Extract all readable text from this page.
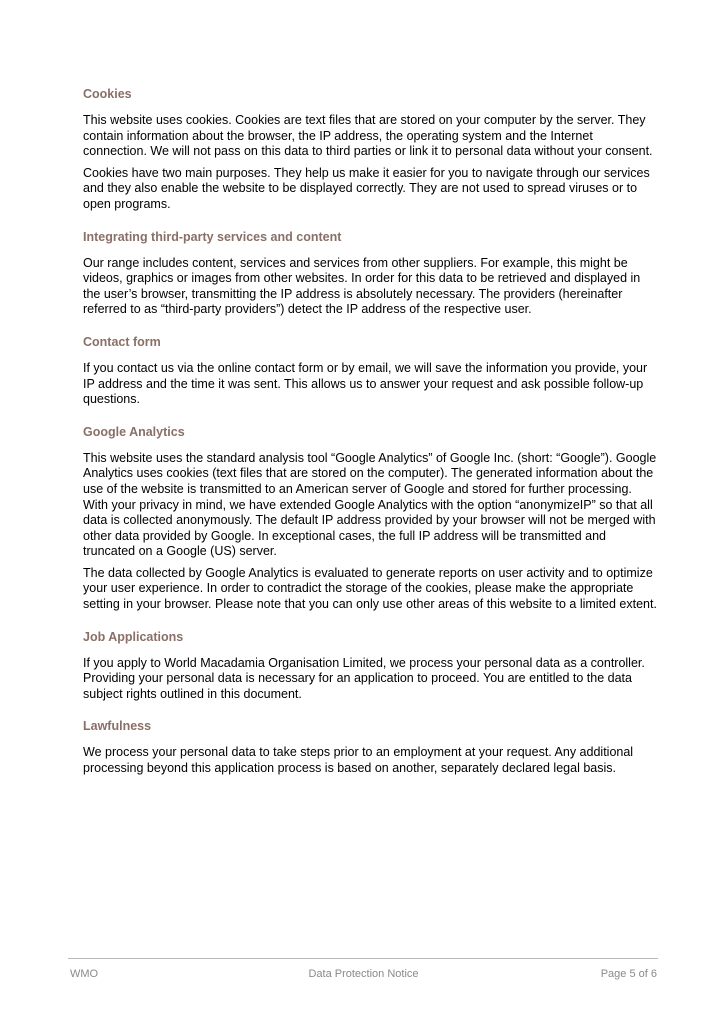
Cookies

This website uses cookies. Cookies are text files that are stored on your computer by the server. They contain information about the browser, the IP address, the operating system and the Internet connection. We will not pass on this data to third parties or link it to personal data without your consent.

Cookies have two main purposes. They help us make it easier for you to navigate through our services and they also enable the website to be displayed correctly. They are not used to spread viruses or to open programs.

Integrating third-party services and content

Our range includes content, services and services from other suppliers. For example, this might be videos, graphics or images from other websites. In order for this data to be retrieved and displayed in the user’s browser, transmitting the IP address is absolutely necessary. The providers (hereinafter referred to as “third-party providers”) detect the IP address of the respective user.

Contact form

If you contact us via the online contact form or by email, we will save the information you provide, your IP address and the time it was sent. This allows us to answer your request and ask possible follow-up questions.

Google Analytics

This website uses the standard analysis tool “Google Analytics” of Google Inc. (short: “Google”). Google Analytics uses cookies (text files that are stored on the computer). The generated information about the use of the website is transmitted to an American server of Google and stored for further processing. With your privacy in mind, we have extended Google Analytics with the option “anonymizeIP” so that all data is collected anonymously. The default IP address provided by your browser will not be merged with other data provided by Google. In exceptional cases, the full IP address will be transmitted and truncated on a Google (US) server.

The data collected by Google Analytics is evaluated to generate reports on user activity and to optimize your user experience. In order to contradict the storage of the cookies, please make the appropriate setting in your browser. Please note that you can only use other areas of this website to a limited extent.

Job Applications

If you apply to World Macadamia Organisation Limited, we process your personal data as a controller. Providing your personal data is necessary for an application to proceed. You are entitled to the data subject rights outlined in this document.

Lawfulness

We process your personal data to take steps prior to an employment at your request. Any additional processing beyond this application process is based on another, separately declared legal basis.

WMO	Data Protection Notice	Page 5 of 6
